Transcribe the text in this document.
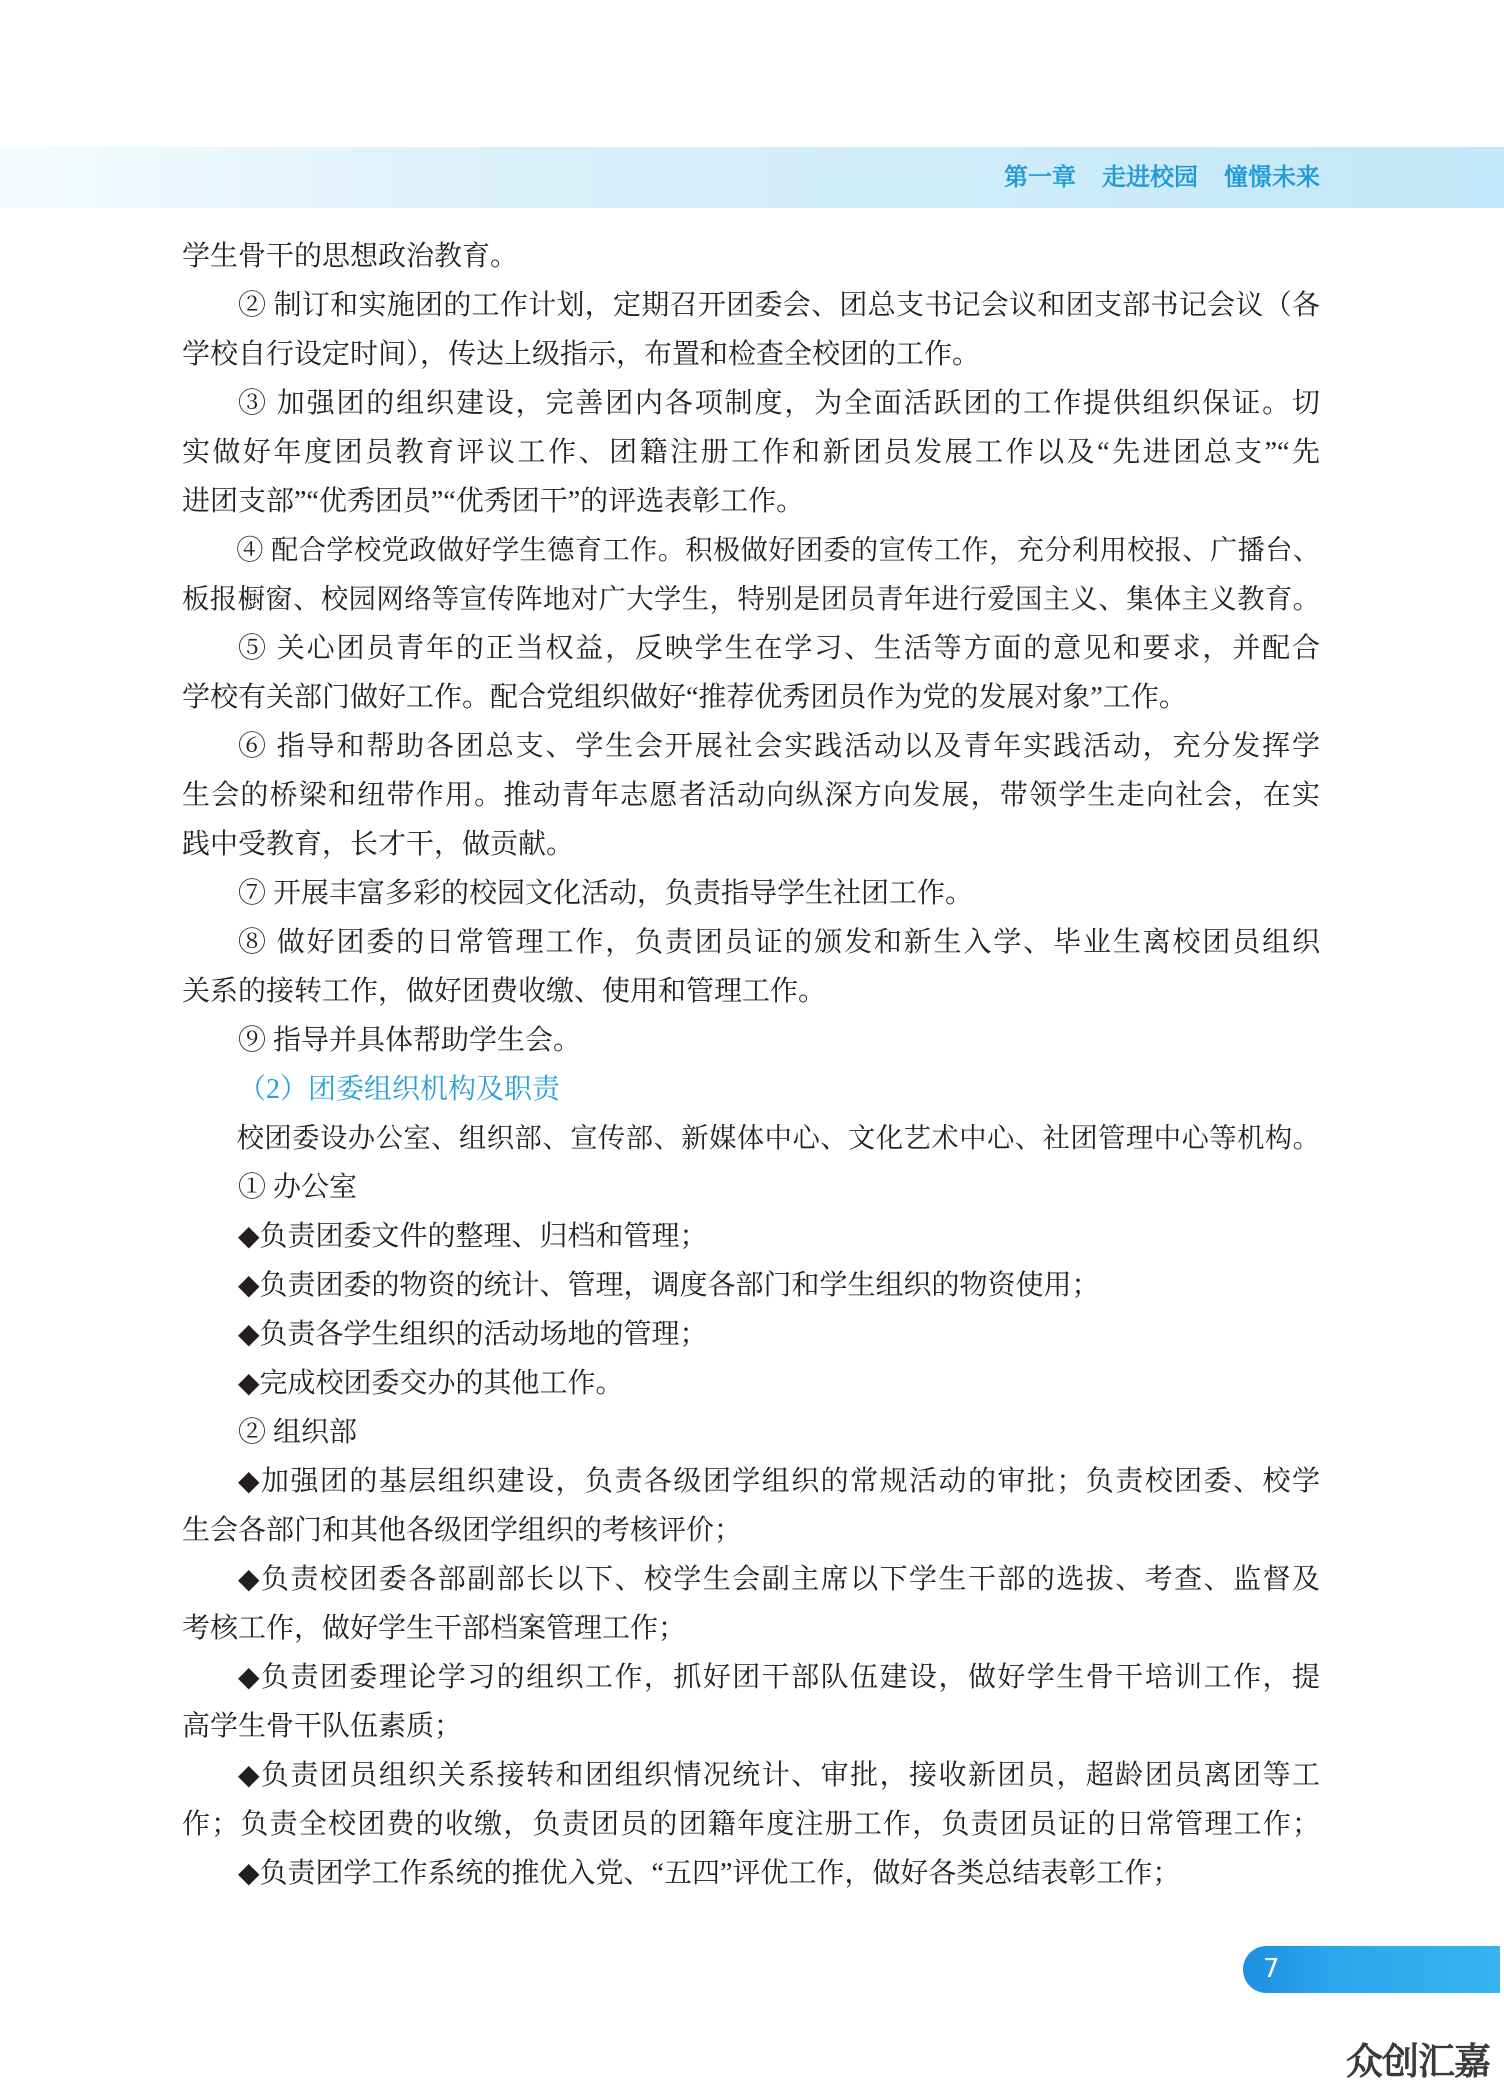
第一章 走进校园 憧憬未来
学生骨干的思想政治教育。
② 制订和实施团的工作计划，定期召开团委会、团总支书记会议和团支部书记会议（各
学校自行设定时间），传达上级指示，布置和检查全校团的工作。
③ 加强团的组织建设，完善团内各项制度，为全面活跃团的工作提供组织保证。切
实做好年度团员教育评议工作、团籍注册工作和新团员发展工作以及“先进团总支”“先
进团支部”“优秀团员”“优秀团干”的评选表彰工作。
④ 配合学校党政做好学生德育工作。积极做好团委的宣传工作，充分利用校报、广播台、
板报橱窗、校园网络等宣传阵地对广大学生，特别是团员青年进行爱国主义、集体主义教育。
⑤ 关心团员青年的正当权益，反映学生在学习、生活等方面的意见和要求，并配合
学校有关部门做好工作。配合党组织做好“推荐优秀团员作为党的发展对象”工作。
⑥ 指导和帮助各团总支、学生会开展社会实践活动以及青年实践活动，充分发挥学
生会的桥梁和纽带作用。推动青年志愿者活动向纵深方向发展，带领学生走向社会，在实
践中受教育，长才干，做贡献。
⑦ 开展丰富多彩的校园文化活动，负责指导学生社团工作。
⑧ 做好团委的日常管理工作，负责团员证的颁发和新生入学、毕业生离校团员组织
关系的接转工作，做好团费收缴、使用和管理工作。
⑨ 指导并具体帮助学生会。
（2）团委组织机构及职责
校团委设办公室、组织部、宣传部、新媒体中心、文化艺术中心、社团管理中心等机构。
① 办公室
◆负责团委文件的整理、归档和管理；
◆负责团委的物资的统计、管理，调度各部门和学生组织的物资使用；
◆负责各学生组织的活动场地的管理；
◆完成校团委交办的其他工作。
② 组织部
◆加强团的基层组织建设，负责各级团学组织的常规活动的审批；负责校团委、校学
生会各部门和其他各级团学组织的考核评价；
◆负责校团委各部副部长以下、校学生会副主席以下学生干部的选拔、考查、监督及
考核工作，做好学生干部档案管理工作；
◆负责团委理论学习的组织工作，抓好团干部队伍建设，做好学生骨干培训工作，提
高学生骨干队伍素质；
◆负责团员组织关系接转和团组织情况统计、审批，接收新团员，超龄团员离团等工
作；负责全校团费的收缴，负责团员的团籍年度注册工作，负责团员证的日常管理工作；
◆负责团学工作系统的推优入党、“五四”评优工作，做好各类总结表彰工作；
7
众创汇嘉
